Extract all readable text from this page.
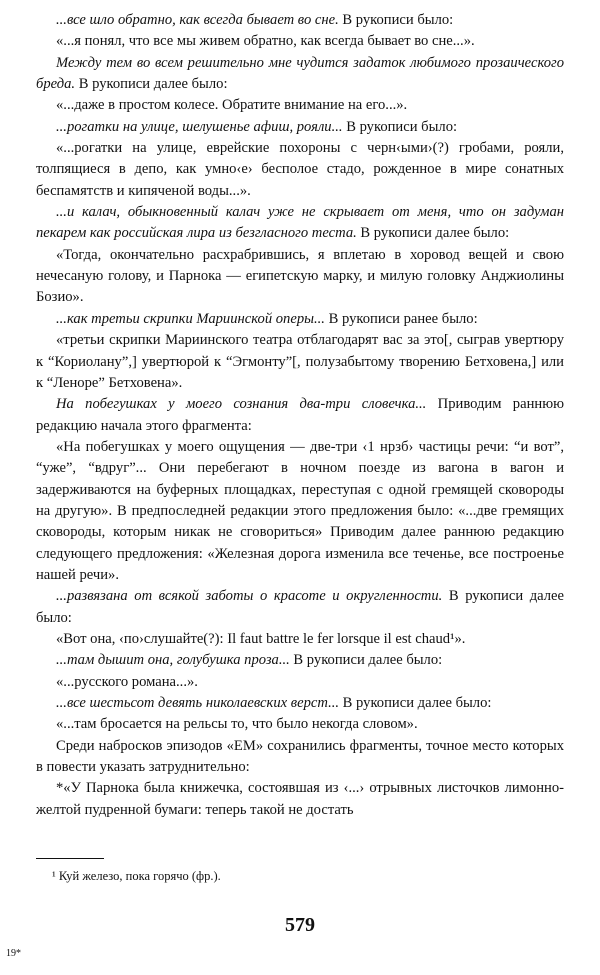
...все шло обратно, как всегда бывает во сне. В рукописи было:

«...я понял, что все мы живем обратно, как всегда бывает во сне...».

Между тем во всем решительно мне чудится задаток любимого прозаического бреда. В рукописи далее было:

«...даже в простом колесе. Обратите внимание на его...».

...рогатки на улице, шелушенье афиш, рояли... В рукописи было:

«...рогатки на улице, еврейские похороны с черн‹ыми›(?) гробами, рояли, толпящиеся в депо, как умно‹е› бесполое стадо, рожденное в мире сонатных беспамятств и кипяченой воды...».

...и калач, обыкновенный калач уже не скрывает от меня, что он задуман пекарем как российская лира из безгласного теста. В рукописи далее было:

«Тогда, окончательно расхрабрившись, я вплетаю в хоровод вещей и свою нечесаную голову, и Парнока — египетскую марку, и милую головку Анджиолины Бозио».

...как третьи скрипки Мариинской оперы... В рукописи ранее было:

«третьи скрипки Мариинского театра отблагодарят вас за это[, сыграв увертюру к “Кориолану”,] увертюрой к “Эгмонту”[, полузабытому творению Бетховена,] или к “Леноре” Бетховена».

На побегушках у моего сознания два-три словечка... Приводим раннюю редакцию начала этого фрагмента:

«На побегушках у моего ощущения — две-три ‹1 нрзб› частицы речи: “и вот”, “уже”, “вдруг”... Они перебегают в ночном поезде из вагона в вагон и задерживаются на буферных площадках, переступая с одной гремящей сковороды на другую». В предпоследней редакции этого предложения было: «...две гремящих сковороды, которым никак не сговориться» Приводим далее раннюю редакцию следующего предложения: «Железная дорога изменила все теченье, все построенье нашей речи».

...развязана от всякой заботы о красоте и округленности. В рукописи далее было:

«Вот она, ‹по›слушайте(?): Il faut battre le fer lorsque il est chaud¹».

...там дышит она, голубушка проза... В рукописи далее было:

«...русского романа...».

...все шестьсот девять николаевских верст... В рукописи далее было:

«...там бросается на рельсы то, что было некогда словом».

Среди набросков эпизодов «ЕМ» сохранились фрагменты, точное место которых в повести указать затруднительно:

*«У Парнока была книжечка, состоявшая из ‹...› отрывных листочков лимонно-желтой пудренной бумаги: теперь такой не достать

¹ Куй железо, пока горячо (фр.).
579
19*
